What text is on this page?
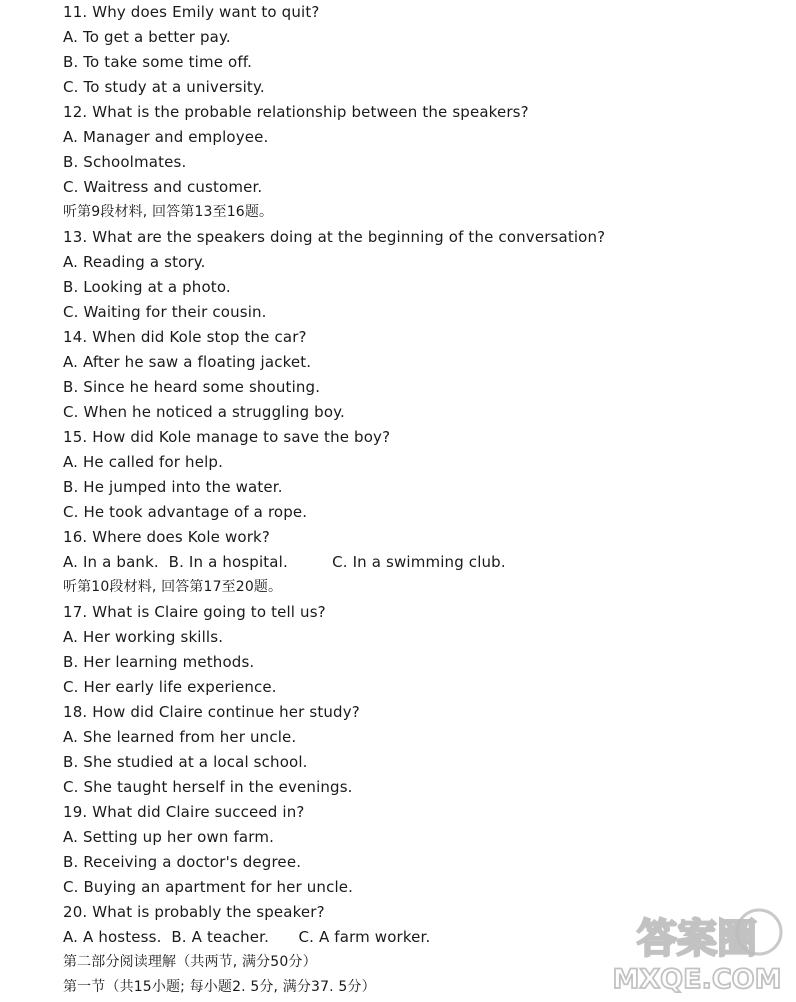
11. Why does Emily want to quit?
A. To get a better pay.
B. To take some time off.
C. To study at a university.
12. What is the probable relationship between the speakers?
A. Manager and employee.
B. Schoolmates.
C. Waitress and customer.
听第9段材料, 回答第13至16题。
13. What are the speakers doing at the beginning of the conversation?
A. Reading a story.
B. Looking at a photo.
C. Waiting for their cousin.
14. When did Kole stop the car?
A. After he saw a floating jacket.
B. Since he heard some shouting.
C. When he noticed a struggling boy.
15. How did Kole manage to save the boy?
A. He called for help.
B. He jumped into the water.
C. He took advantage of a rope.
16. Where does Kole work?
A. In a bank.  B. In a hospital.         C. In a swimming club.
听第10段材料, 回答第17至20题。
17. What is Claire going to tell us?
A. Her working skills.
B. Her learning methods.
C. Her early life experience.
18. How did Claire continue her study?
A. She learned from her uncle.
B. She studied at a local school.
C. She taught herself in the evenings.
19. What did Claire succeed in?
A. Setting up her own farm.
B. Receiving a doctor's degree.
C. Buying an apartment for her uncle.
20. What is probably the speaker?
A. A hostess.  B. A teacher.      C. A farm worker.
第二部分阅读理解（共两节, 满分50分）
第一节（共15小题; 每小题2. 5分, 满分37. 5分）
答案圈
MXQE.COM
